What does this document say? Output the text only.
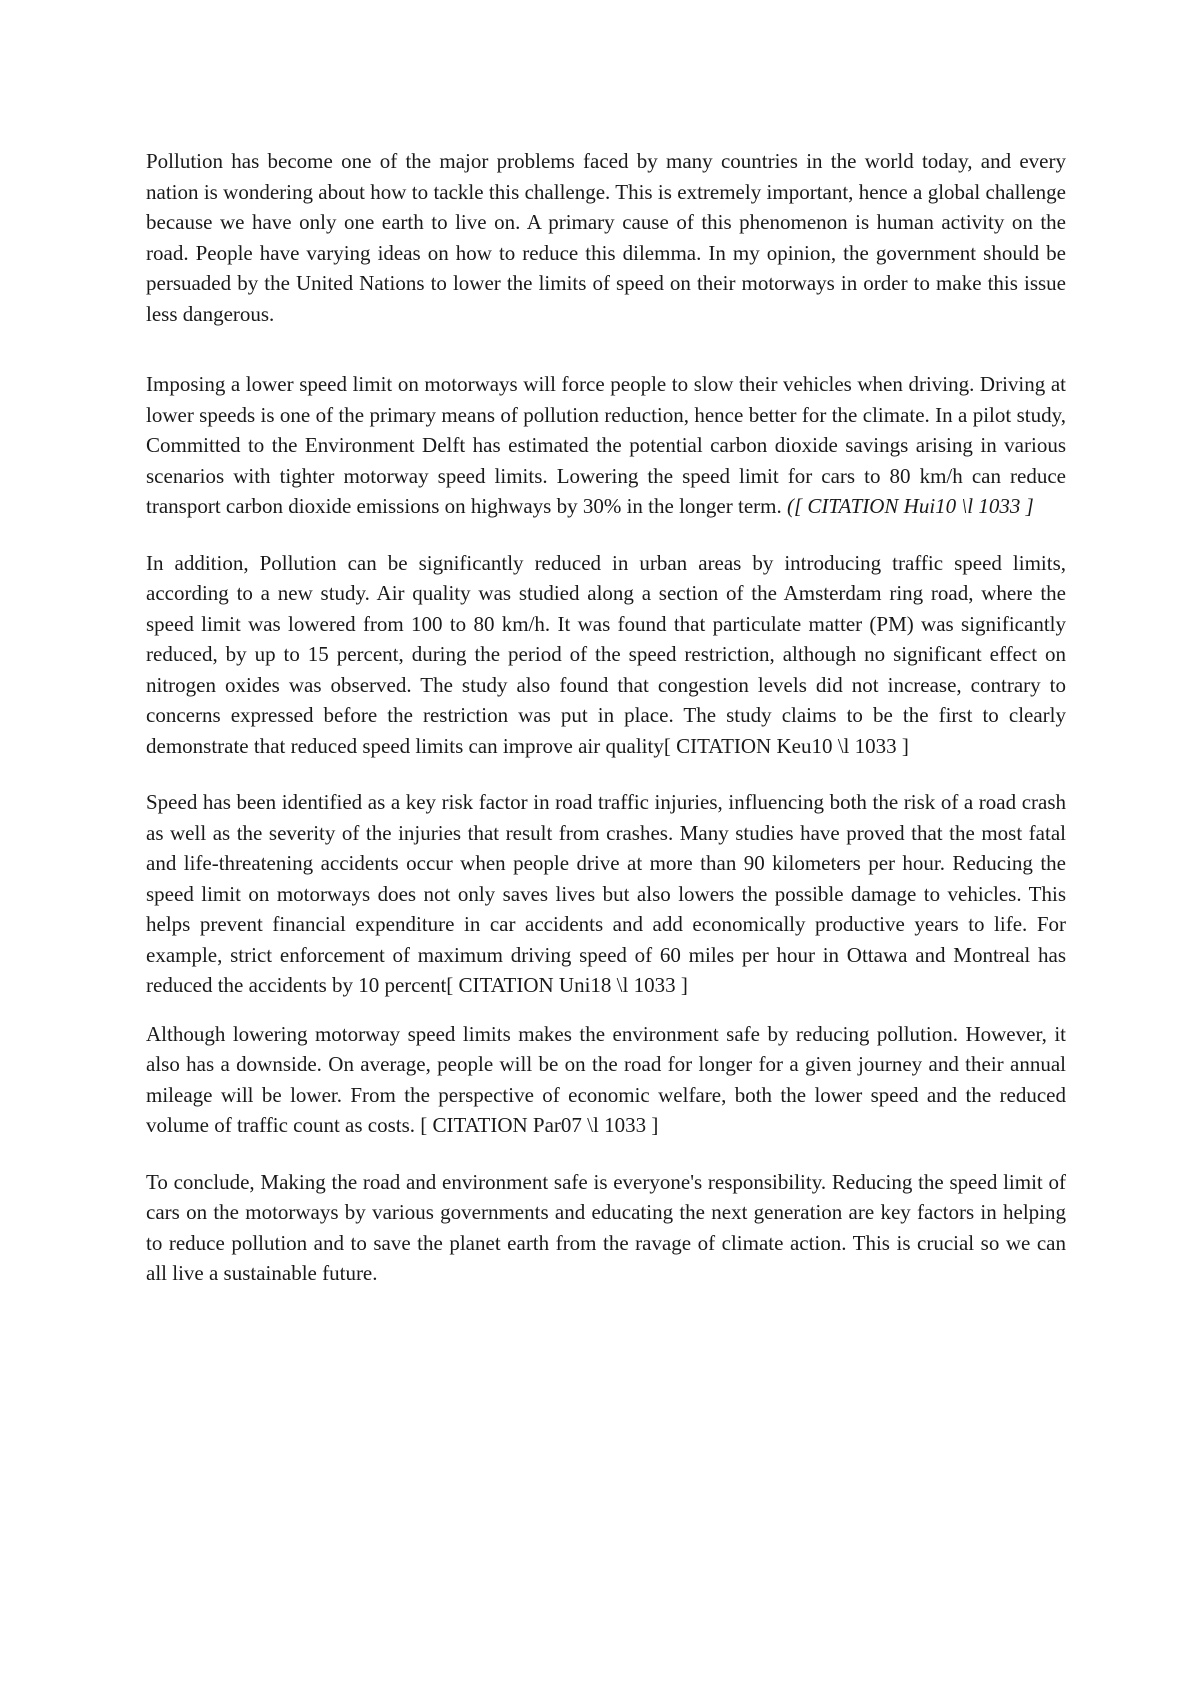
Pollution has become one of the major problems faced by many countries in the world today, and every nation is wondering about how to tackle this challenge. This is extremely important, hence a global challenge because we have only one earth to live on. A primary cause of this phenomenon is human activity on the road. People have varying ideas on how to reduce this dilemma. In my opinion, the government should be persuaded by the United Nations to lower the limits of speed on their motorways in order to make this issue less dangerous.

Imposing a lower speed limit on motorways will force people to slow their vehicles when driving. Driving at lower speeds is one of the primary means of pollution reduction, hence better for the climate. In a pilot study, Committed to the Environment Delft has estimated the potential carbon dioxide savings arising in various scenarios with tighter motorway speed limits. Lowering the speed limit for cars to 80 km/h can reduce transport carbon dioxide emissions on highways by 30% in the longer term. ([ CITATION Hui10 \l 1033 ]

In addition, Pollution can be significantly reduced in urban areas by introducing traffic speed limits, according to a new study. Air quality was studied along a section of the Amsterdam ring road, where the speed limit was lowered from 100 to 80 km/h. It was found that particulate matter (PM) was significantly reduced, by up to 15 percent, during the period of the speed restriction, although no significant effect on nitrogen oxides was observed. The study also found that congestion levels did not increase, contrary to concerns expressed before the restriction was put in place. The study claims to be the first to clearly demonstrate that reduced speed limits can improve air quality[ CITATION Keu10 \l 1033 ]

Speed has been identified as a key risk factor in road traffic injuries, influencing both the risk of a road crash as well as the severity of the injuries that result from crashes. Many studies have proved that the most fatal and life-threatening accidents occur when people drive at more than 90 kilometers per hour. Reducing the speed limit on motorways does not only saves lives but also lowers the possible damage to vehicles. This helps prevent financial expenditure in car accidents and add economically productive years to life. For example, strict enforcement of maximum driving speed of 60 miles per hour in Ottawa and Montreal has reduced the accidents by 10 percent[ CITATION Uni18 \l 1033 ]

Although lowering motorway speed limits makes the environment safe by reducing pollution. However, it also has a downside. On average, people will be on the road for longer for a given journey and their annual mileage will be lower. From the perspective of economic welfare, both the lower speed and the reduced volume of traffic count as costs. [ CITATION Par07 \l 1033 ]

To conclude, Making the road and environment safe is everyone's responsibility. Reducing the speed limit of cars on the motorways by various governments and educating the next generation are key factors in helping to reduce pollution and to save the planet earth from the ravage of climate action. This is crucial so we can all live a sustainable future.
